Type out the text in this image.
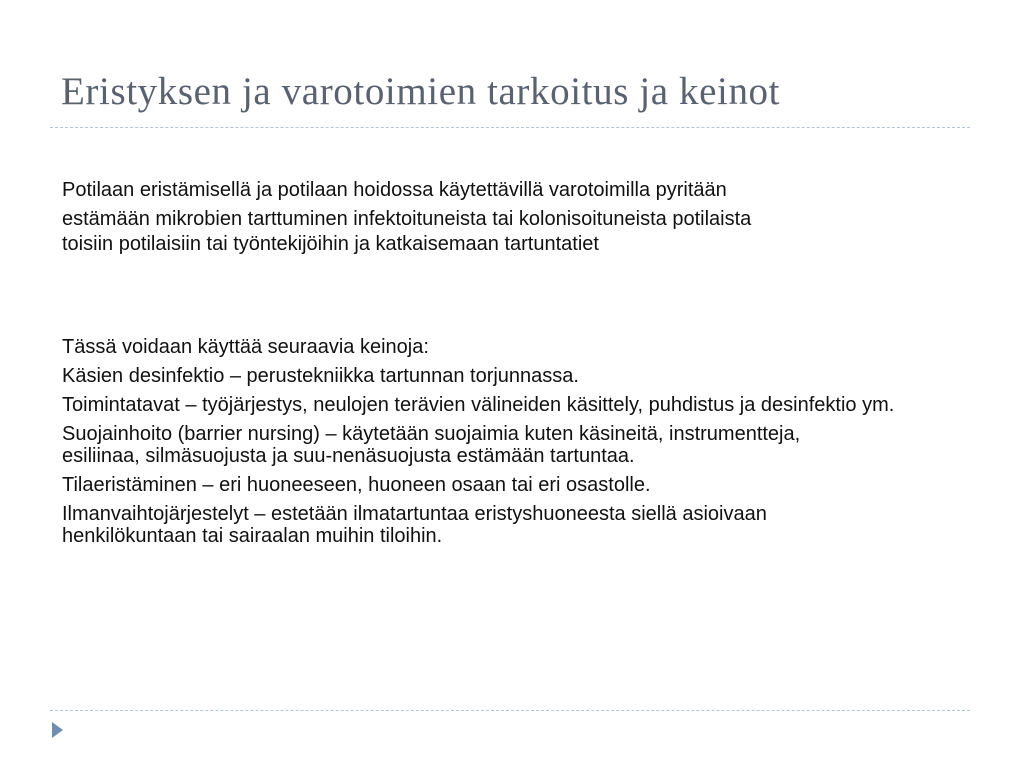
Eristyksen ja varotoimien tarkoitus ja keinot
Potilaan eristämisellä ja potilaan hoidossa käytettävillä varotoimilla pyritään
estämään mikrobien tarttuminen infektoituneista tai kolonisoituneista potilaista
toisiin potilaisiin tai työntekijöihin ja katkaisemaan tartuntatiet

Tässä voidaan käyttää seuraavia keinoja:

Käsien desinfektio – perustekniikka tartunnan torjunnassa.

Toimintatavat – työjärjestys, neulojen terävien välineiden käsittely, puhdistus ja desinfektio ym.

Suojainhoito (barrier nursing) – käytetään suojaimia kuten käsineitä, instrumentteja, esiliinaa, silmäsuojusta ja suu-nenäsuojusta estämään tartuntaa.

Tilaeristäminen – eri huoneeseen, huoneen osaan tai eri osastolle.

Ilmanvaihtojärjestelyt – estetään ilmatartuntaa eristyshuoneesta siellä asioivaan henkilökuntaan tai sairaalan muihin tiloihin.
